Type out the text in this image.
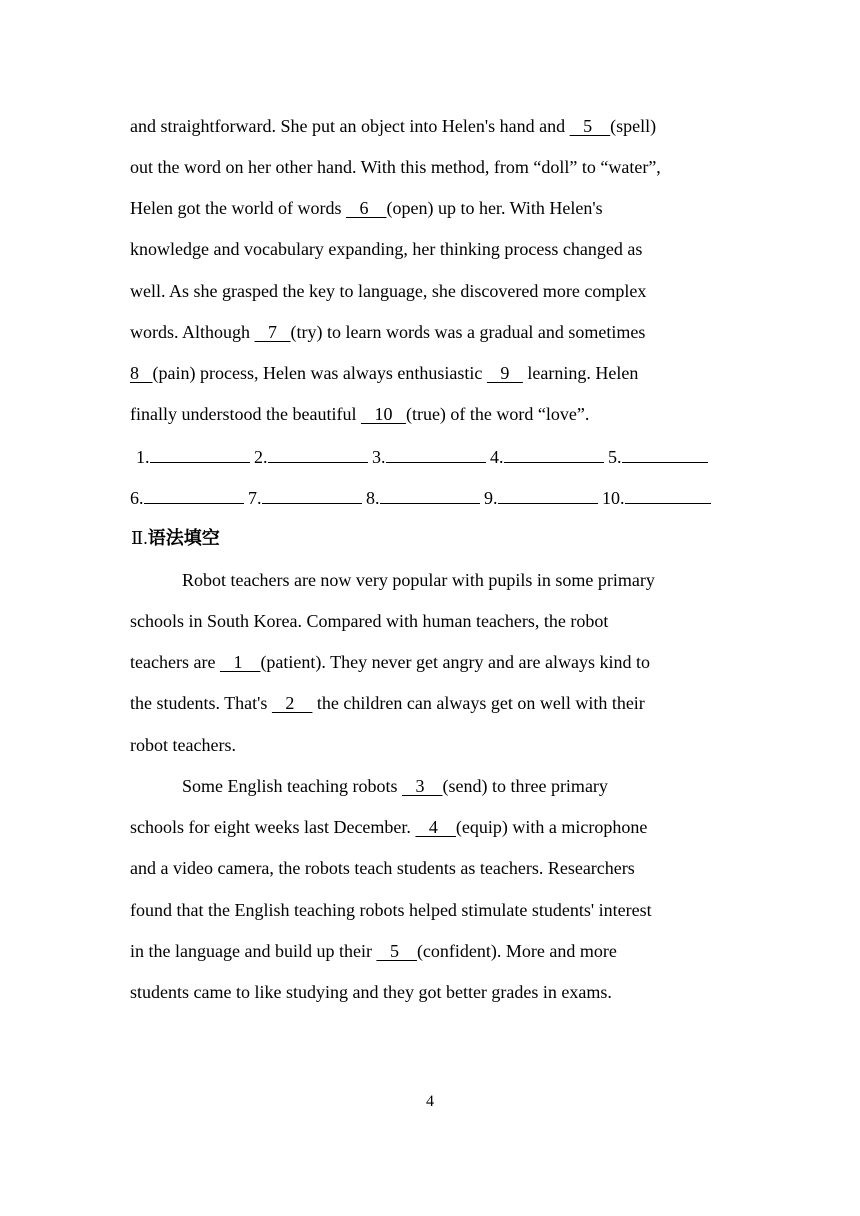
and straightforward. She put an object into Helen's hand and    5    (spell)
out the word on her other hand. With this method, from “doll” to “water”,
Helen got the world of words    6    (open) up to her. With Helen's
knowledge and vocabulary expanding, her thinking process changed as
well. As she grasped the key to language, she discovered more complex
words. Although    7   (try) to learn words was a gradual and sometimes
8   (pain) process, Helen was always enthusiastic    9    learning. Helen
finally understood the beautiful    10   (true) of the word “love”.
1.	2.	3.	4.	5.
6.	7.	8.	9.	10.
Ⅱ.语法填空
Robot teachers are now very popular with pupils in some primary
schools in South Korea. Compared with human teachers, the robot
teachers are    1    (patient). They never get angry and are always kind to
the students. That's    2     the children can always get on well with their
robot teachers.
Some English teaching robots    3    (send) to three primary
schools for eight weeks last December.    4    (equip) with a microphone
and a video camera, the robots teach students as teachers. Researchers
found that the English teaching robots helped stimulate students' interest
in the language and build up their    5    (confident). More and more
students came to like studying and they got better grades in exams.
4
